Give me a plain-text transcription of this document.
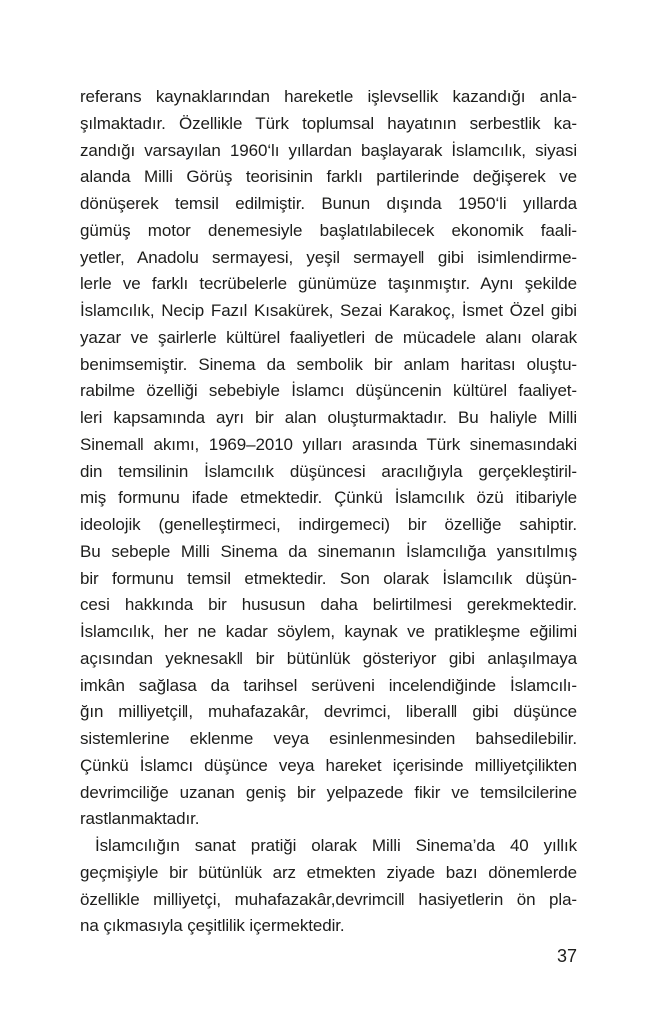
referans kaynaklarından hareketle işlevsellik kazandığı anla-
şılmaktadır. Özellikle Türk toplumsal hayatının serbestlik ka-
zandığı varsayılan 1960‘lı yıllardan başlayarak İslamcılık, siyasi
alanda Milli Görüş teorisinin farklı partilerinde değişerek ve
dönüşerek temsil edilmiştir. Bunun dışında 1950‘li yıllarda
gümüş motor denemesiyle başlatılabilecek ekonomik faali-
yetler, Anadolu sermayesi, yeşil sermaye‖ gibi isimlendirme-
lerle ve farklı tecrübelerle günümüze taşınmıştır. Aynı şekilde
İslamcılık, Necip Fazıl Kısakürek, Sezai Karakoç, İsmet Özel gibi
yazar ve şairlerle kültürel faaliyetleri de mücadele alanı olarak
benimsemiştir. Sinema da sembolik bir anlam haritası oluştu-
rabilme özelliği sebebiyle İslamcı düşüncenin kültürel faaliyet-
leri kapsamında ayrı bir alan oluşturmaktadır. Bu haliyle Milli
Sinema‖ akımı, 1969–2010 yılları arasında Türk sinemasındaki
din temsilinin İslamcılık düşüncesi aracılığıyla gerçekleştiril-
miş formunu ifade etmektedir. Çünkü İslamcılık özü itibariyle
ideolojik (genelleştirmeci, indirgemeci) bir özelliğe sahiptir.
Bu sebeple Milli Sinema da sinemanın İslamcılığa yansıtılmış
bir formunu temsil etmektedir. Son olarak İslamcılık düşün-
cesi hakkında bir hususun daha belirtilmesi gerekmektedir.
İslamcılık, her ne kadar söylem, kaynak ve pratikleşme eğilimi
açısından yeknesak‖ bir bütünlük gösteriyor gibi anlaşılmaya
imkân sağlasa da tarihsel serüveni incelendiğinde İslamcılı-
ğın milliyetçi‖, muhafazakâr, devrimci, liberal‖ gibi düşünce
sistemlerine eklenme veya esinlenmesinden bahsedilebilir.
Çünkü İslamcı düşünce veya hareket içerisinde milliyetçilikten
devrimciliğe uzanan geniş bir yelpazede fikir ve temsilcilerine
rastlanmaktadır.
İslamcılığın sanat pratiği olarak Milli Sinema’da 40 yıllık
geçmişiyle bir bütünlük arz etmekten ziyade bazı dönemlerde
özellikle milliyetçi, muhafazakâr,devrimci‖ hasiyetlerin ön pla-
na çıkmasıyla çeşitlilik içermektedir.
37
